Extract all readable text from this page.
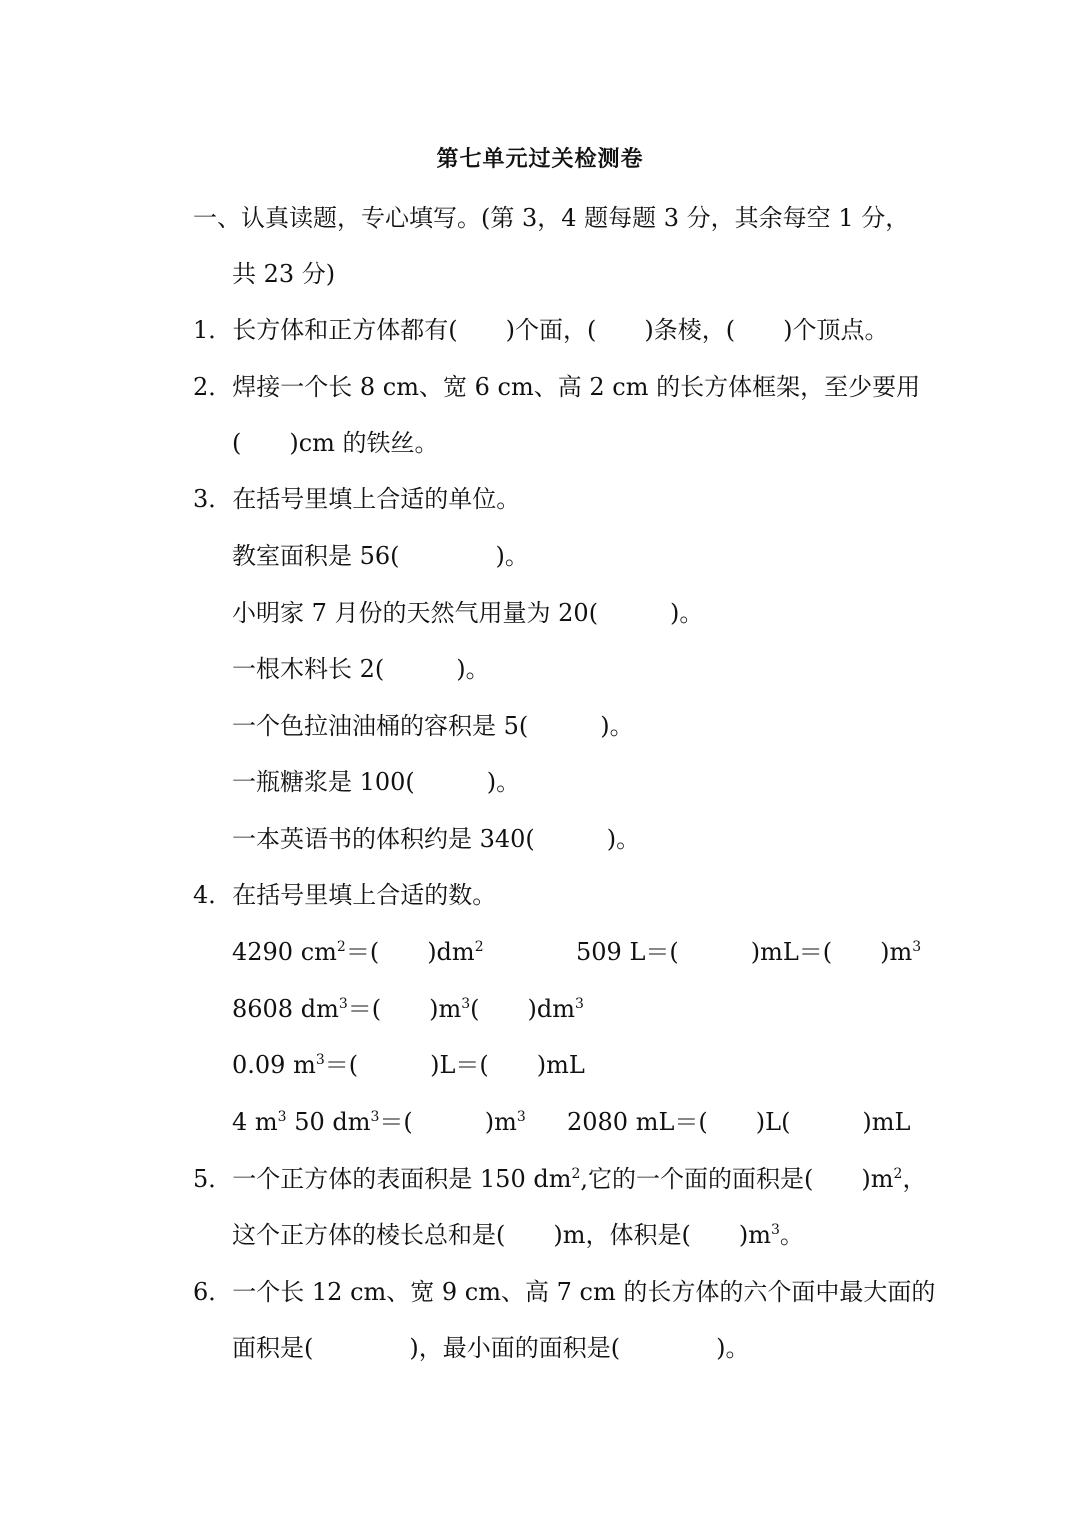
第七单元过关检测卷
一、认真读题，专心填写。(第 3，4 题每题 3 分，其余每空 1 分，
共 23 分)
1．长方体和正方体都有(　　)个面，(　　)条棱，(　　)个顶点。
2．焊接一个长 8 cm、宽 6 cm、高 2 cm 的长方体框架，至少要用
(　　)cm 的铁丝。
3．在括号里填上合适的单位。
教室面积是 56(　　　　)。
小明家 7 月份的天然气用量为 20(　　　)。
一根木料长 2(　　　)。
一个色拉油油桶的容积是 5(　　　)。
一瓶糖浆是 100(　　　)。
一本英语书的体积约是 340(　　　)。
4．在括号里填上合适的数。
4290 $cm^2=$(　　)$dm^2$	509 L＝(　　　)mL＝(　　)$m^3$
8608 $dm^3=$(　　)$m^3$(　　)$dm^3$
0.09 $m^3=$(　　　)L＝(　　)mL
4 $m^3$ 50 $dm^3=$(　　　)$m^3$ 2080 mL＝(　　)L(　　　)mL
5．一个正方体的表面积是 150 $dm^2$,它的一个面的面积是(　　)$m^2$，
这个正方体的棱长总和是(　　)m，体积是(　　)$m^3$。
6．一个长 12 cm、宽 9 cm、高 7 cm 的长方体的六个面中最大面的
面积是(　　　　)，最小面的面积是(　　　　)。
